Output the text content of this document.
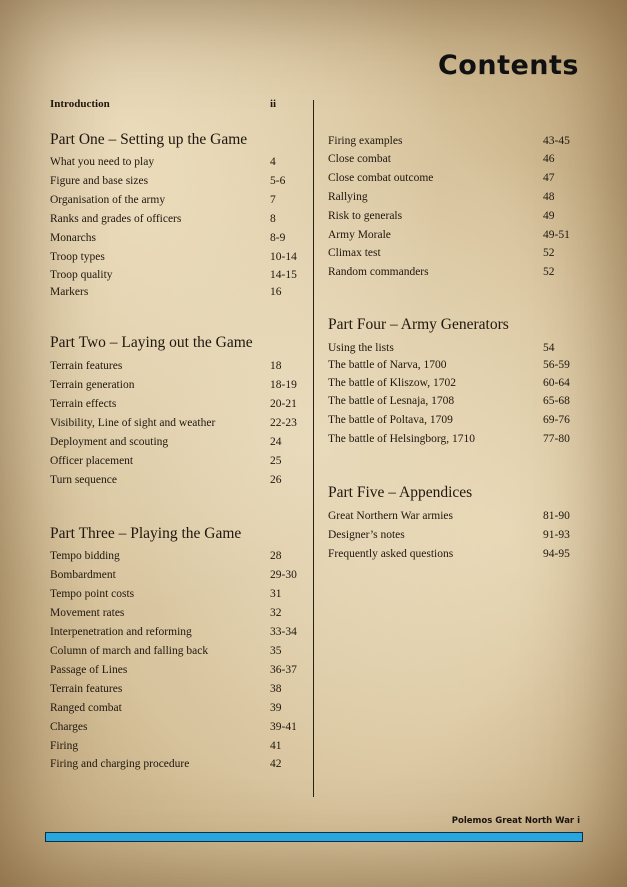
Contents
Introduction	ii
Part One – Setting up the Game
What you need to play	4
Figure and base sizes	5-6
Organisation of the army	7
Ranks and grades of officers	8
Monarchs	8-9
Troop types	10-14
Troop quality	14-15
Markers	16
Part Two – Laying out the Game
Terrain features	18
Terrain generation	18-19
Terrain effects	20-21
Visibility, Line of sight and weather	22-23
Deployment and scouting	24
Officer placement	25
Turn sequence	26
Part Three – Playing the Game
Tempo bidding	28
Bombardment	29-30
Tempo point costs	31
Movement rates	32
Interpenetration and reforming	33-34
Column of march and falling back	35
Passage of Lines	36-37
Terrain features	38
Ranged combat	39
Charges	39-41
Firing	41
Firing and charging procedure	42
Firing examples	43-45
Close combat	46
Close combat outcome	47
Rallying	48
Risk to generals	49
Army Morale	49-51
Climax test	52
Random commanders	52
Part Four – Army Generators
Using the lists	54
The battle of Narva, 1700	56-59
The battle of Kliszow, 1702	60-64
The battle of Lesnaja, 1708	65-68
The battle of Poltava, 1709	69-76
The battle of Helsingborg, 1710	77-80
Part Five – Appendices
Great Northern War armies	81-90
Designer’s notes	91-93
Frequently asked questions	94-95
Polemos Great North War i
